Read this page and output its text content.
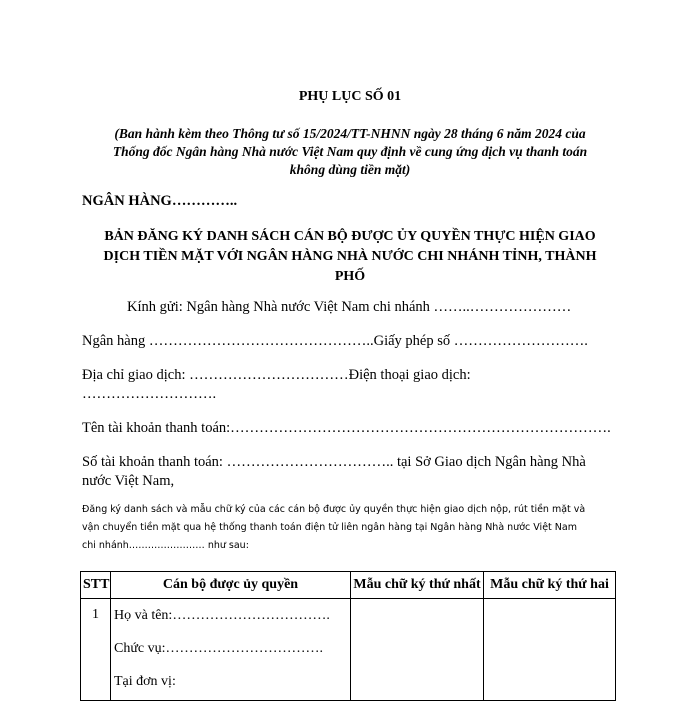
PHỤ LỤC SỐ 01
(Ban hành kèm theo Thông tư số 15/2024/TT-NHNN ngày 28 tháng 6 năm 2024 của
Thống đốc Ngân hàng Nhà nước Việt Nam quy định về cung ứng dịch vụ thanh toán
không dùng tiền mặt)
NGÂN HÀNG…………..
BẢN ĐĂNG KÝ DANH SÁCH CÁN BỘ ĐƯỢC ỦY QUYỀN THỰC HIỆN GIAO
DỊCH TIỀN MẶT VỚI NGÂN HÀNG NHÀ NƯỚC CHI NHÁNH TỈNH, THÀNH
PHỐ
Kính gửi: Ngân hàng Nhà nước Việt Nam chi nhánh ……..…………………
Ngân hàng ………………………………………..Giấy phép số ……………………….
Địa chỉ giao dịch: ……………………………Điện thoại giao dịch:
……………………….
Tên tài khoản thanh toán:…………………………………………………………………….
Số tài khoản thanh toán: …………………………….. tại Sở Giao dịch Ngân hàng Nhà
nước Việt Nam,
Đăng ký danh sách và mẫu chữ ký của các cán bộ được ủy quyền thực hiện giao dịch nộp, rút tiền mặt và
vận chuyển tiền mặt qua hệ thống thanh toán điện tử liên ngân hàng tại Ngân hàng Nhà nước Việt Nam
chi nhánh…………………… như sau:
STT	Cán bộ được ủy quyền	Mẫu chữ ký thứ nhất	Mẫu chữ ký thứ hai
1	Họ và tên:…………………………….
Chức vụ:…………………………….
Tại đơn vị:		
